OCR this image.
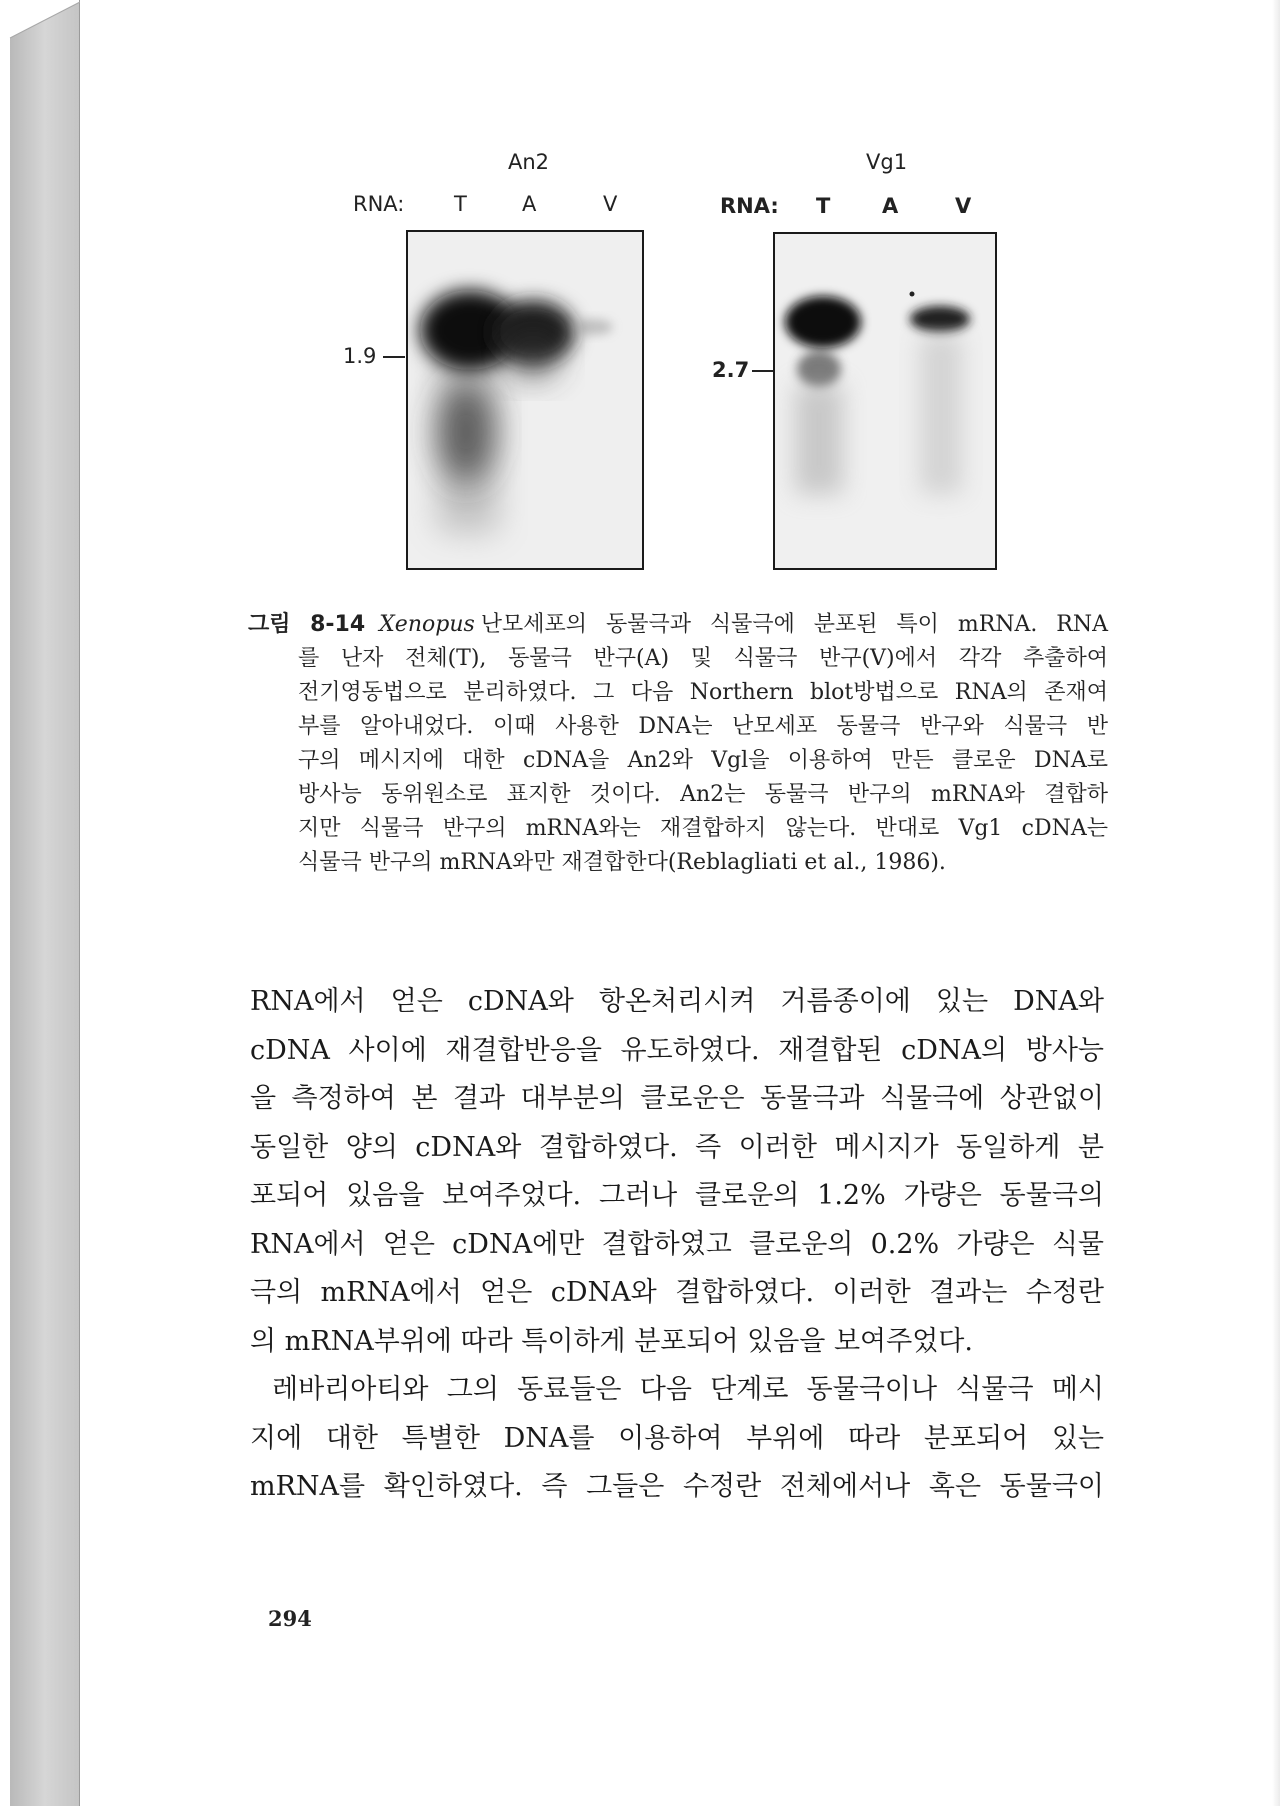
An2
RNA: T	A	V
1.9
Vg1
RNA: T A	V
2.7
그림 8-14 Xenopus 난모세포의 동물극과 식물극에 분포된 특이 mRNA. RNA
를 난자 전체(T), 동물극 반구(A) 및 식물극 반구(V)에서 각각 추출하여
전기영동법으로 분리하였다. 그 다음 Northern blot방법으로 RNA의 존재여
부를 알아내었다. 이때 사용한 DNA는 난모세포 동물극 반구와 식물극 반
구의 메시지에 대한 cDNA을 An2와 Vgl을 이용하여 만든 클로운 DNA로
방사능 동위원소로 표지한 것이다. An2는 동물극 반구의 mRNA와 결합하
지만 식물극 반구의 mRNA와는 재결합하지 않는다. 반대로 Vg1 cDNA는
식물극 반구의 mRNA와만 재결합한다(Reblagliati et al., 1986).
RNA에서 얻은 cDNA와 항온처리시켜 거름종이에 있는 DNA와
cDNA 사이에 재결합반응을 유도하였다. 재결합된 cDNA의 방사능
을 측정하여 본 결과 대부분의 클로운은 동물극과 식물극에 상관없이
동일한 양의 cDNA와 결합하였다. 즉 이러한 메시지가 동일하게 분
포되어 있음을 보여주었다. 그러나 클로운의 1.2% 가량은 동물극의
RNA에서 얻은 cDNA에만 결합하였고 클로운의 0.2% 가량은 식물
극의 mRNA에서 얻은 cDNA와 결합하였다. 이러한 결과는 수정란
의 mRNA부위에 따라 특이하게 분포되어 있음을 보여주었다.
레바리아티와 그의 동료들은 다음 단계로 동물극이나 식물극 메시
지에 대한 특별한 DNA를 이용하여 부위에 따라 분포되어 있는
mRNA를 확인하였다. 즉 그들은 수정란 전체에서나 혹은 동물극이
294
